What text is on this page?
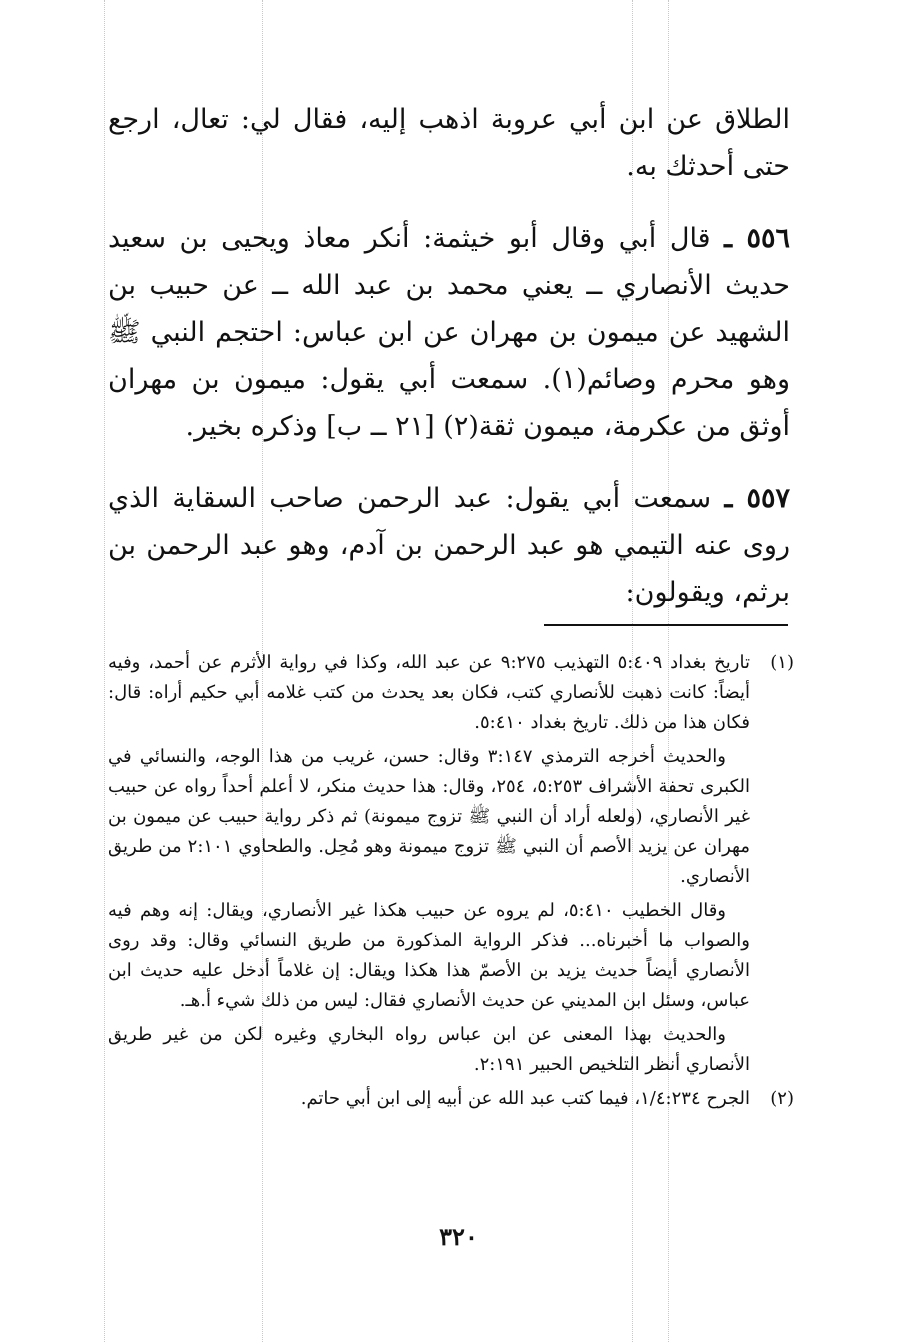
الطلاق عن ابن أبي عروبة اذهب إليه، فقال لي: تعال، ارجع حتى أحدثك به.

٥٥٦ ـ قال أبي وقال أبو خيثمة: أنكر معاذ ويحيى بن سعيد حديث الأنصاري ــ يعني محمد بن عبد الله ــ عن حبيب بن الشهيد عن ميمون بن مهران عن ابن عباس: احتجم النبي ﷺ وهو محرم وصائم(١). سمعت أبي يقول: ميمون بن مهران أوثق من عكرمة، ميمون ثقة(٢) [٢١ ــ ب] وذكره بخير.

٥٥٧ ـ سمعت أبي يقول: عبد الرحمن صاحب السقاية الذي روى عنه التيمي هو عبد الرحمن بن آدم، وهو عبد الرحمن بن برثم، ويقولون:

(١)

تاريخ بغداد ٥:٤٠٩ التهذيب ٩:٢٧٥ عن عبد الله، وكذا في رواية الأثرم عن أحمد، وفيه أيضاً: كانت ذهبت للأنصاري كتب، فكان بعد يحدث من كتب غلامه أبي حكيم أراه: قال: فكان هذا من ذلك. تاريخ بغداد ٥:٤١٠.

والحديث أخرجه الترمذي ٣:١٤٧ وقال: حسن، غريب من هذا الوجه، والنسائي في الكبرى تحفة الأشراف ٥:٢٥٣، ٢٥٤، وقال: هذا حديث منكر، لا أعلم أحداً رواه عن حبيب غير الأنصاري، (ولعله أراد أن النبي ﷺ تزوج ميمونة) ثم ذكر رواية حبيب عن ميمون بن مهران عن يزيد الأصم أن النبي ﷺ تزوج ميمونة وهو مُحِل. والطحاوي ٢:١٠١ من طريق الأنصاري.

وقال الخطيب ٥:٤١٠، لم يروه عن حبيب هكذا غير الأنصاري، ويقال: إنه وهم فيه والصواب ما أخبرناه... فذكر الرواية المذكورة من طريق النسائي وقال: وقد روى الأنصاري أيضاً حديث يزيد بن الأصمّ هذا هكذا ويقال: إن غلاماً أدخل عليه حديث ابن عباس، وسئل ابن المديني عن حديث الأنصاري فقال: ليس من ذلك شيء أ.هـ.

والحديث بهذا المعنى عن ابن عباس رواه البخاري وغيره لكن من غير طريق الأنصاري أنظر التلخيص الحبير ٢:١٩١.

(٢)

الجرح ١/٤:٢٣٤، فيما كتب عبد الله عن أبيه إلى ابن أبي حاتم.

٣٢٠
